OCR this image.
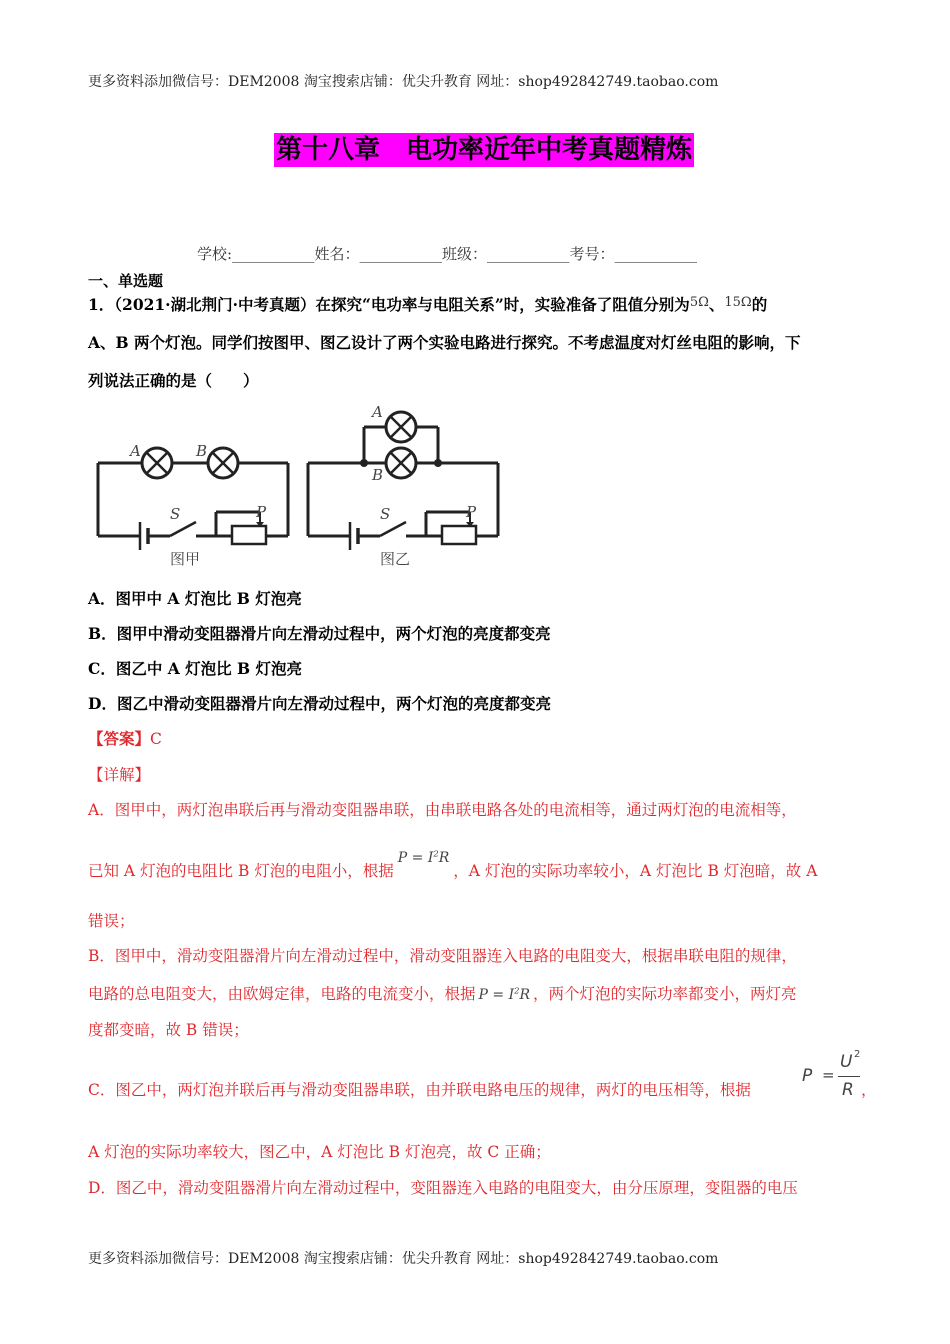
更多资料添加微信号：DEM2008 淘宝搜索店铺：优尖升教育 网址：shop492842749.taobao.com
第十八章　电功率近年中考真题精炼
学校:___________姓名：___________班级：___________考号：___________
一、单选题
1．（2021·湖北荆门·中考真题）在探究“电功率与电阻关系”时，实验准备了阻值分别为$^{5\Omega}$、$^{15\Omega}$的
A、B 两个灯泡。同学们按图甲、图乙设计了两个实验电路进行探究。不考虑温度对灯丝电阻的影响，下
列说法正确的是（　　）
A	B
S	P
图甲
A
B
S	P
图乙
A．图甲中 A 灯泡比 B 灯泡亮
B．图甲中滑动变阻器滑片向左滑动过程中，两个灯泡的亮度都变亮
C．图乙中 A 灯泡比 B 灯泡亮
D．图乙中滑动变阻器滑片向左滑动过程中，两个灯泡的亮度都变亮
【答案】C
【详解】
A．图甲中，两灯泡串联后再与滑动变阻器串联，由串联电路各处的电流相等，通过两灯泡的电流相等，
已知 A 灯泡的电阻比 B 灯泡的电阻小，根据$P = I^2R$，A 灯泡的实际功率较小，A 灯泡比 B 灯泡暗，故 A
错误；
B．图甲中，滑动变阻器滑片向左滑动过程中，滑动变阻器连入电路的电阻变大，根据串联电阻的规律，
电路的总电阻变大，由欧姆定律，电路的电流变小，根据 $P = I^2R$ ，两个灯泡的实际功率都变小，两灯亮
度都变暗，故 B 错误；
C．图乙中，两灯泡并联后再与滑动变阻器串联，由并联电路电压的规律，两灯的电压相等，根据
P =
U 2
R ，
A 灯泡的实际功率较大，图乙中，A 灯泡比 B 灯泡亮，故 C 正确；
D．图乙中，滑动变阻器滑片向左滑动过程中，变阻器连入电路的电阻变大，由分压原理，变阻器的电压
更多资料添加微信号：DEM2008 淘宝搜索店铺：优尖升教育 网址：shop492842749.taobao.com
